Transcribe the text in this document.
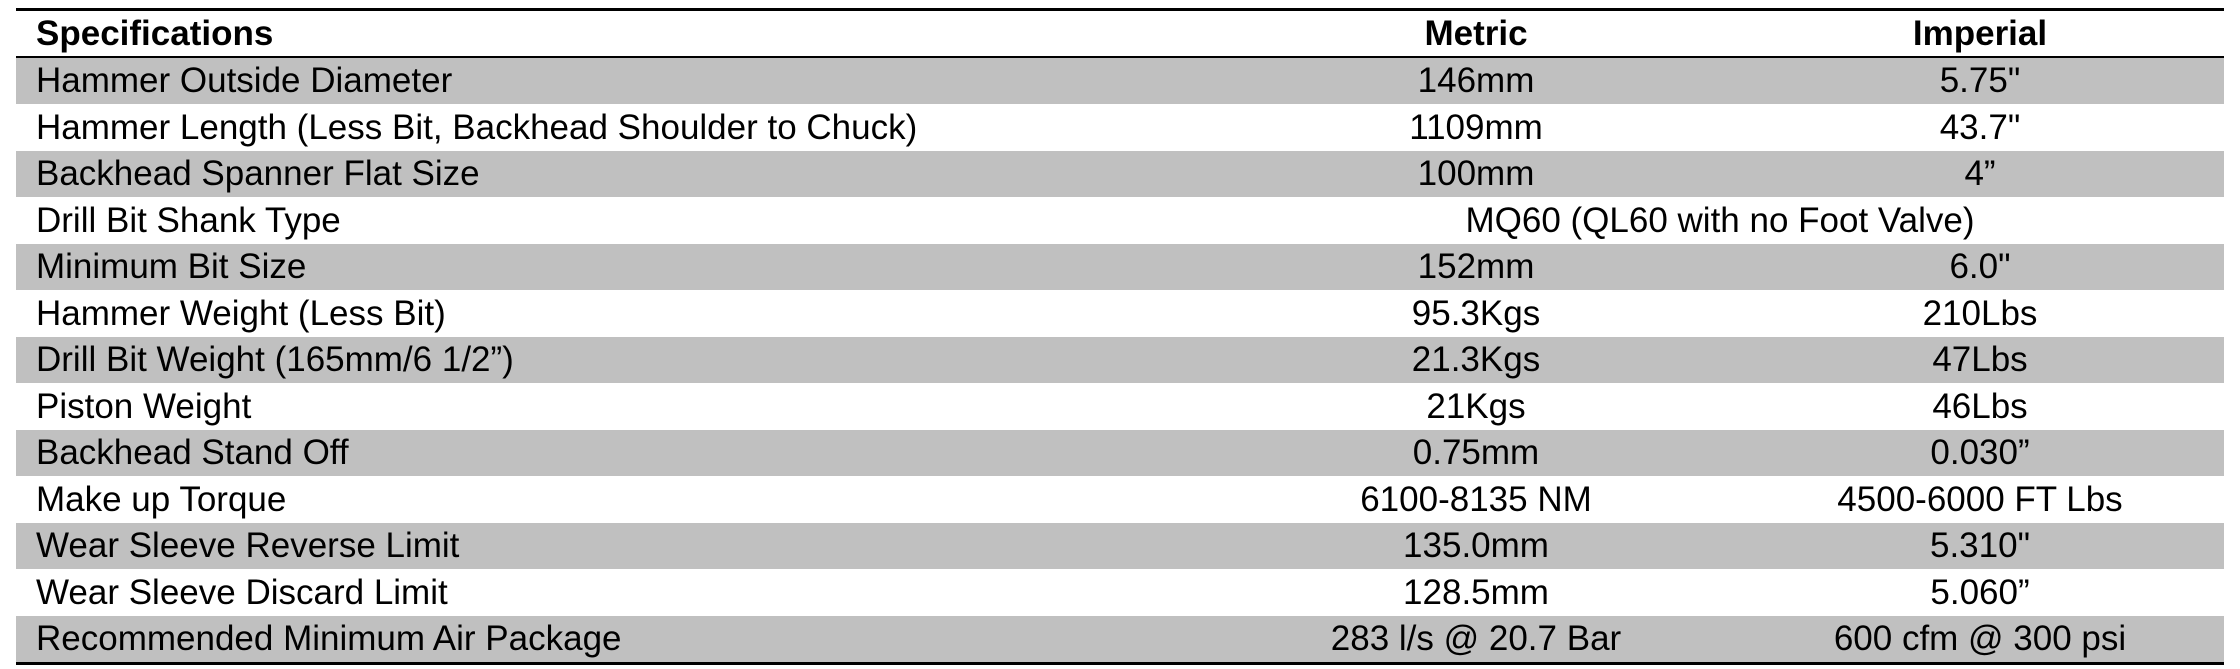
Specifications	Metric	Imperial
Hammer Outside Diameter	146mm	5.75"
Hammer Length (Less Bit, Backhead Shoulder to Chuck)	1109mm	43.7"
Backhead Spanner Flat Size	100mm	4”
Drill Bit Shank Type	MQ60 (QL60 with no Foot Valve)	
Minimum Bit Size	152mm	6.0"
Hammer Weight (Less Bit)	95.3Kgs	210Lbs
Drill Bit Weight (165mm/6 1/2”)	21.3Kgs	47Lbs
Piston Weight	21Kgs	46Lbs
Backhead Stand Off	0.75mm	0.030”
Make up Torque	6100-8135 NM	4500-6000 FT Lbs
Wear Sleeve Reverse Limit	135.0mm	5.310"
Wear Sleeve Discard Limit	128.5mm	5.060”
Recommended Minimum Air Package	283 l/s @ 20.7 Bar	600 cfm @ 300 psi
